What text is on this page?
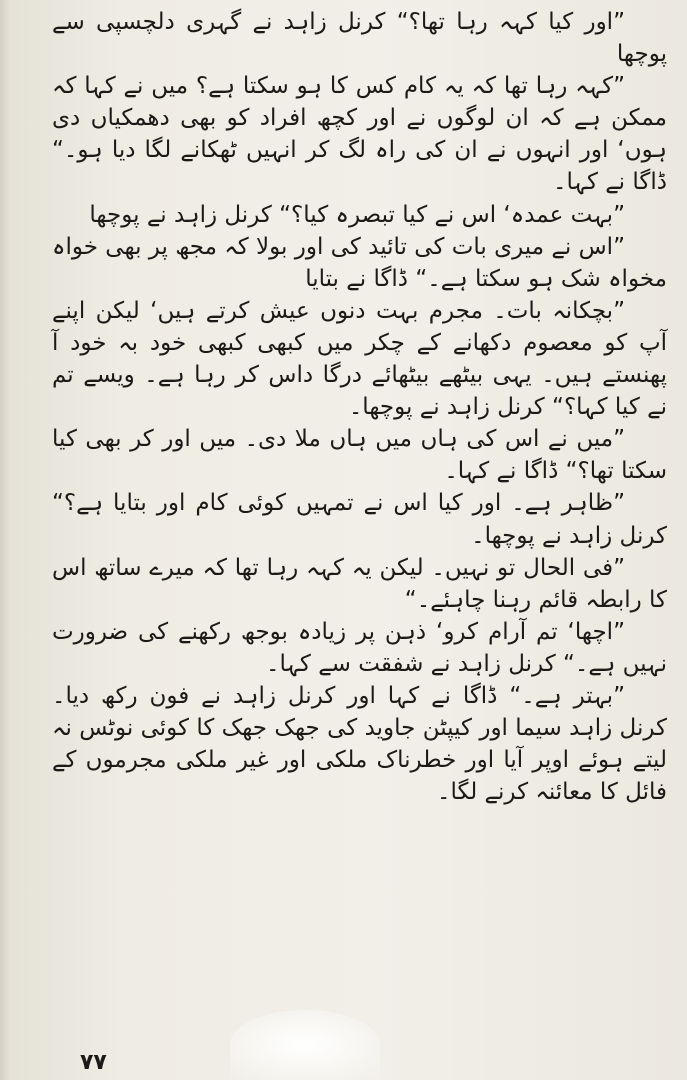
”اور کیا کہہ رہا تھا؟“ کرنل زاہد نے گہری دلچسپی سے پوچھا

”کہہ رہا تھا کہ یہ کام کس کا ہو سکتا ہے؟ میں نے کہا کہ ممکن ہے کہ ان لوگوں نے اور کچھ افراد کو بھی دھمکیاں دی ہوں‘ اور انہوں نے ان کی راہ لگ کر انہیں ٹھکانے لگا دیا ہو۔“ ڈاگا نے کہا۔

”بہت عمدہ‘ اس نے کیا تبصرہ کیا؟“ کرنل زاہد نے پوچھا

”اس نے میری بات کی تائید کی اور بولا کہ مجھ پر بھی خواہ مخواہ شک ہو سکتا ہے۔“ ڈاگا نے بتایا

”بچکانہ بات۔ مجرم بہت دنوں عیش کرتے ہیں‘ لیکن اپنے آپ کو معصوم دکھانے کے چکر میں کبھی کبھی خود بہ خود آ پھنستے ہیں۔ یہی بیٹھے بیٹھائے درگا داس کر رہا ہے۔ ویسے تم نے کیا کہا؟“ کرنل زاہد نے پوچھا۔

”میں نے اس کی ہاں میں ہاں ملا دی۔ میں اور کر بھی کیا سکتا تھا؟“ ڈاگا نے کہا۔

”ظاہر ہے۔ اور کیا اس نے تمہیں کوئی کام اور بتایا ہے؟“ کرنل زاہد نے پوچھا۔

”فی الحال تو نہیں۔ لیکن یہ کہہ رہا تھا کہ میرے ساتھ اس کا رابطہ قائم رہنا چاہئے۔“

”اچھا‘ تم آرام کرو‘ ذہن پر زیادہ بوجھ رکھنے کی ضرورت نہیں ہے۔“ کرنل زاہد نے شفقت سے کہا۔

”بہتر ہے۔“ ڈاگا نے کہا اور کرنل زاہد نے فون رکھ دیا۔ کرنل زاہد سیما اور کیپٹن جاوید کی جھک جھک کا کوئی نوٹس نہ لیتے ہوئے اوپر آیا اور خطرناک ملکی اور غیر ملکی مجرموں کے فائل کا معائنہ کرنے لگا۔

٧٧
